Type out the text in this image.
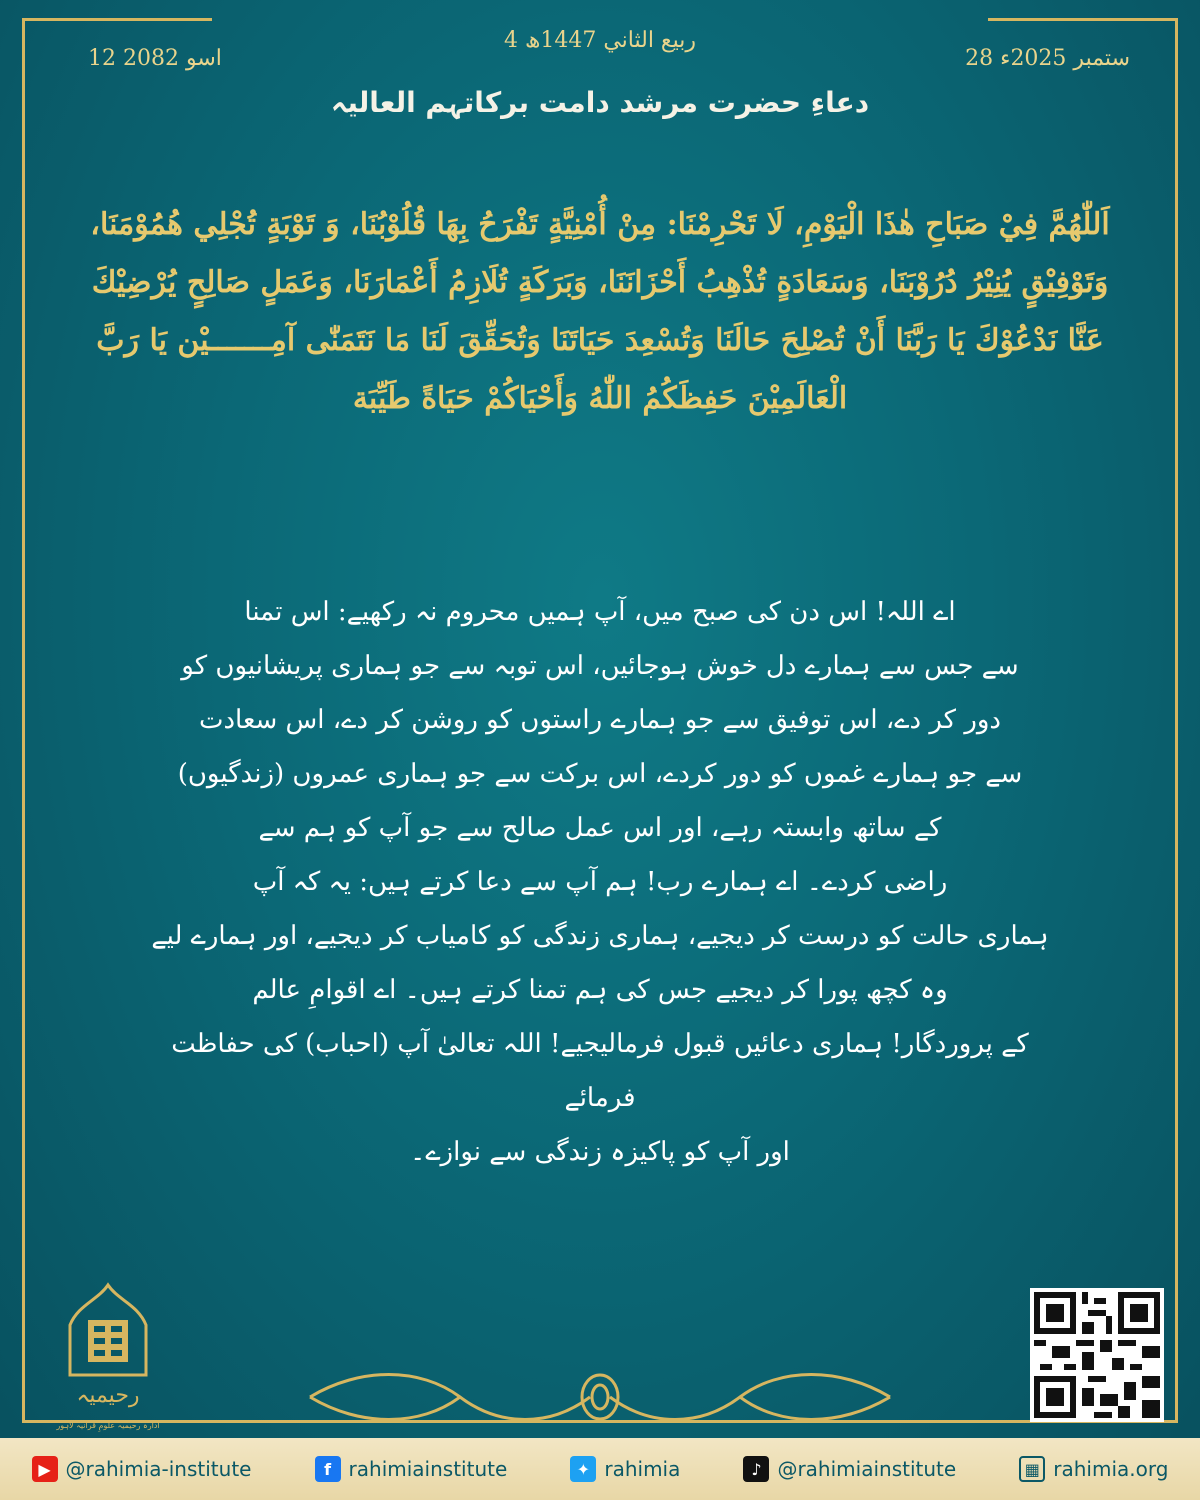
4 ربيع الثاني 1447ھ
28 ستمبر 2025ء
12 اسو 2082
دعاءِ حضرت مرشد دامت برکاتہم العالیہ
اَللّٰهُمَّ فِيْ صَبَاحِ هٰذَا الْيَوْمِ، لَا تَحْرِمْنَا: مِنْ أُمْنِيَّةٍ تَفْرَحُ بِهَا قُلُوْبُنَا، وَ تَوْبَةٍ تُجْلِي هُمُوْمَنَا، وَتَوْفِيْقٍ يُنِيْرُ دُرُوْبَنَا، وَسَعَادَةٍ تُذْهِبُ أَحْزَانَنَا، وَبَرَكَةٍ تُلَازِمُ أَعْمَارَنَا، وَعَمَلٍ صَالِحٍ يُرْضِيْكَ عَنَّا نَدْعُوْكَ يَا رَبَّنَا أَنْ تُصْلِحَ حَالَنَا وَتُسْعِدَ حَيَاتَنَا وَتُحَقِّقَ لَنَا مَا نَتَمَنّٰى آمِـــــــيْن يَا رَبَّ الْعَالَمِيْنَ حَفِظَكُمُ اللّٰهُ وَأَحْيَاكُمْ حَيَاةً طَيِّبَة
اے اللہ! اس دن کی صبح میں، آپ ہمیں محروم نہ رکھیے: اس تمنا
سے جس سے ہمارے دل خوش ہوجائیں، اس توبہ سے جو ہماری پریشانیوں کو
دور کر دے، اس توفیق سے جو ہمارے راستوں کو روشن کر دے، اس سعادت
سے جو ہمارے غموں کو دور کردے، اس برکت سے جو ہماری عمروں (زندگیوں)
کے ساتھ وابستہ رہے، اور اس عمل صالح سے جو آپ کو ہم سے
راضی کردے۔ اے ہمارے رب! ہم آپ سے دعا کرتے ہیں: یہ کہ آپ
ہماری حالت کو درست کر دیجیے، ہماری زندگی کو کامیاب کر دیجیے، اور ہمارے لیے
وہ کچھ پورا کر دیجیے جس کی ہم تمنا کرتے ہیں۔ اے اقوامِ عالم
کے پروردگار! ہماری دعائیں قبول فرمالیجیے! اللہ تعالیٰ آپ (احباب) کی حفاظت فرمائے
اور آپ کو پاکیزہ زندگی سے نوازے۔
رحیمیہ
ادارہ رحیمیہ علومِ قرآنیہ لاہور
▶ @rahimia-institute	f rahimiainstitute	✦ rahimia	♪ @rahimiainstitute	▦ rahimia.org
